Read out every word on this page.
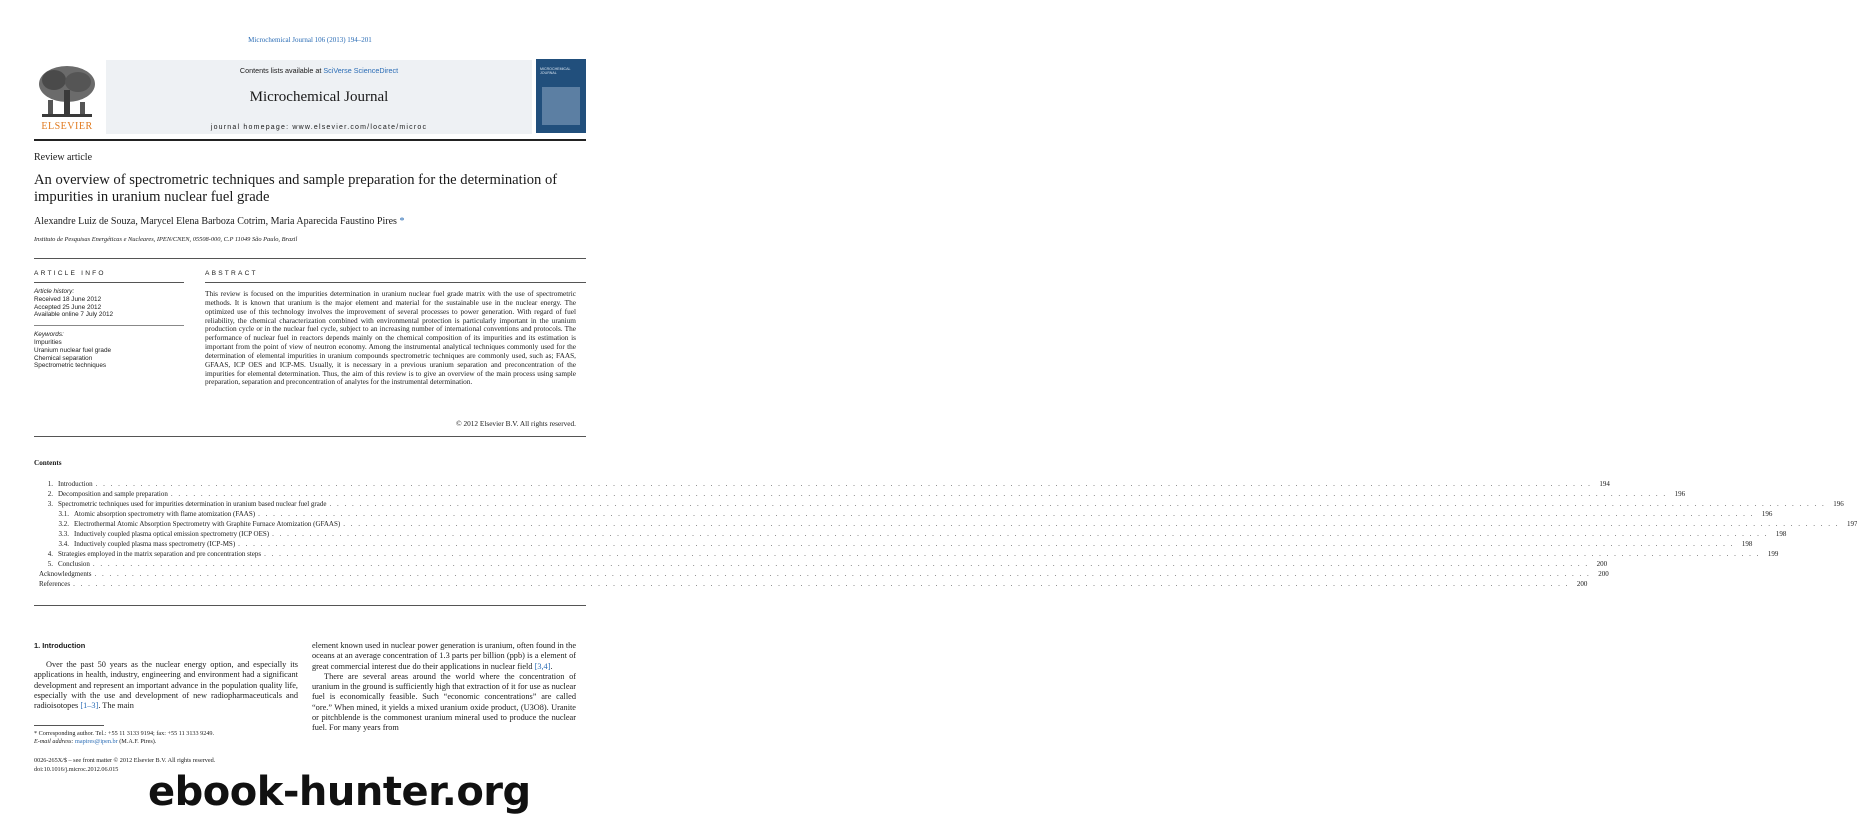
Microchemical Journal 106 (2013) 194–201
ELSEVIER
Contents lists available at SciVerse ScienceDirect
Microchemical Journal
journal homepage: www.elsevier.com/locate/microc
MICROCHEMICAL JOURNAL
Review article
An overview of spectrometric techniques and sample preparation for the determination of impurities in uranium nuclear fuel grade
Alexandre Luiz de Souza, Marycel Elena Barboza Cotrim, Maria Aparecida Faustino Pires *
Instituto de Pesquisas Energéticas e Nucleares, IPEN/CNEN, 05508-000, C.P 11049 São Paulo, Brazil
ARTICLE INFO	ABSTRACT
Article history:
Received 18 June 2012
Accepted 25 June 2012
Available online 7 July 2012
Keywords:
Impurities
Uranium nuclear fuel grade
Chemical separation
Spectrometric techniques
This review is focused on the impurities determination in uranium nuclear fuel grade matrix with the use of spectrometric methods. It is known that uranium is the major element and material for the sustainable use in the nuclear energy. The optimized use of this technology involves the improvement of several processes to power generation. With regard of fuel reliability, the chemical characterization combined with environmental protection is particularly important in the uranium production cycle or in the nuclear fuel cycle, subject to an increasing number of international conventions and protocols. The performance of nuclear fuel in reactors depends mainly on the chemical composition of its impurities and its estimation is important from the point of view of neutron economy. Among the instrumental analytical techniques commonly used for the determination of elemental impurities in uranium compounds spectrometric techniques are commonly used, such as; FAAS, GFAAS, ICP OES and ICP-MS. Usually, it is necessary in a previous uranium separation and preconcentration of the impurities for elemental determination. Thus, the aim of this review is to give an overview of the main process using sample preparation, separation and preconcentration of analytes for the instrumental determination.
© 2012 Elsevier B.V. All rights reserved.
Contents
1. Introduction . . . . . . . . . . . . . . . . . . . . . . . . . . . . . . . . . . . . . . . . . . . . . . . . . . . . . . . . . . . . . . . . . . . . . . . . . . . . . . . . . . . . . . . . . . . . . . . . . . . . . . . . . . . . . . . . . . . . . . . . . . . . . . . . . . . . . . . . . . . . . . . . . . . . . . . . . . . . . . . . . . . . . . . . . . . . . . . . . . . . . . . . . . . . . . . . . . . . . . . .	194
2. Decomposition and sample preparation . . . . . . . . . . . . . . . . . . . . . . . . . . . . . . . . . . . . . . . . . . . . . . . . . . . . . . . . . . . . . . . . . . . . . . . . . . . . . . . . . . . . . . . . . . . . . . . . . . . . . . . . . . . . . . . . . . . . . . . . . . . . . . . . . . . . . . . . . . . . . . . . . . . . . . . . . . . . . . . . . . . . . . . . . . . . . . . . . . . . . . . . . . . . . . . . . . . . . . . .	196
3. Spectrometric techniques used for impurities determination in uranium based nuclear fuel grade . . . . . . . . . . . . . . . . . . . . . . . . . . . . . . . . . . . . . . . . . . . . . . . . . . . . . . . . . . . . . . . . . . . . . . . . . . . . . . . . . . . . . . . . . . . . . . . . . . . . . . . . . . . . . . . . . . . . . . . . . . . . . . . . . . . . . . . . . . . . . . . . . . . . . . . . . . . . . . . . . . . . . . . . . . . . . . . . . . . . . . . . . . . . . . . . . . . . . . . .	196
3.1. Atomic absorption spectrometry with flame atomization (FAAS) . . . . . . . . . . . . . . . . . . . . . . . . . . . . . . . . . . . . . . . . . . . . . . . . . . . . . . . . . . . . . . . . . . . . . . . . . . . . . . . . . . . . . . . . . . . . . . . . . . . . . . . . . . . . . . . . . . . . . . . . . . . . . . . . . . . . . . . . . . . . . . . . . . . . . . . . . . . . . . . . . . . . . . . . . . . . . . . . . . . . . . . . . . . . . . . . . . . . . . . .	196
3.2. Electrothermal Atomic Absorption Spectrometry with Graphite Furnace Atomization (GFAAS) . . . . . . . . . . . . . . . . . . . . . . . . . . . . . . . . . . . . . . . . . . . . . . . . . . . . . . . . . . . . . . . . . . . . . . . . . . . . . . . . . . . . . . . . . . . . . . . . . . . . . . . . . . . . . . . . . . . . . . . . . . . . . . . . . . . . . . . . . . . . . . . . . . . . . . . . . . . . . . . . . . . . . . . . . . . . . . . . . . . . . . . . . . . . . . . . . . . . . . . .	197
3.3. Inductively coupled plasma optical emission spectrometry (ICP OES) . . . . . . . . . . . . . . . . . . . . . . . . . . . . . . . . . . . . . . . . . . . . . . . . . . . . . . . . . . . . . . . . . . . . . . . . . . . . . . . . . . . . . . . . . . . . . . . . . . . . . . . . . . . . . . . . . . . . . . . . . . . . . . . . . . . . . . . . . . . . . . . . . . . . . . . . . . . . . . . . . . . . . . . . . . . . . . . . . . . . . . . . . . . . . . . . . . . . . . . .	198
3.4. Inductively coupled plasma mass spectrometry (ICP-MS) . . . . . . . . . . . . . . . . . . . . . . . . . . . . . . . . . . . . . . . . . . . . . . . . . . . . . . . . . . . . . . . . . . . . . . . . . . . . . . . . . . . . . . . . . . . . . . . . . . . . . . . . . . . . . . . . . . . . . . . . . . . . . . . . . . . . . . . . . . . . . . . . . . . . . . . . . . . . . . . . . . . . . . . . . . . . . . . . . . . . . . . . . . . . . . . . . . . . . . . .	198
4. Strategies employed in the matrix separation and pre concentration steps . . . . . . . . . . . . . . . . . . . . . . . . . . . . . . . . . . . . . . . . . . . . . . . . . . . . . . . . . . . . . . . . . . . . . . . . . . . . . . . . . . . . . . . . . . . . . . . . . . . . . . . . . . . . . . . . . . . . . . . . . . . . . . . . . . . . . . . . . . . . . . . . . . . . . . . . . . . . . . . . . . . . . . . . . . . . . . . . . . . . . . . . . . . . . . . . . . . . . . . .	199
5. Conclusion . . . . . . . . . . . . . . . . . . . . . . . . . . . . . . . . . . . . . . . . . . . . . . . . . . . . . . . . . . . . . . . . . . . . . . . . . . . . . . . . . . . . . . . . . . . . . . . . . . . . . . . . . . . . . . . . . . . . . . . . . . . . . . . . . . . . . . . . . . . . . . . . . . . . . . . . . . . . . . . . . . . . . . . . . . . . . . . . . . . . . . . . . . . . . . . . . . . . . . . .	200
Acknowledgments . . . . . . . . . . . . . . . . . . . . . . . . . . . . . . . . . . . . . . . . . . . . . . . . . . . . . . . . . . . . . . . . . . . . . . . . . . . . . . . . . . . . . . . . . . . . . . . . . . . . . . . . . . . . . . . . . . . . . . . . . . . . . . . . . . . . . . . . . . . . . . . . . . . . . . . . . . . . . . . . . . . . . . . . . . . . . . . . . . . . . . . . . . . . . . . . . . . . . . . .	200
References . . . . . . . . . . . . . . . . . . . . . . . . . . . . . . . . . . . . . . . . . . . . . . . . . . . . . . . . . . . . . . . . . . . . . . . . . . . . . . . . . . . . . . . . . . . . . . . . . . . . . . . . . . . . . . . . . . . . . . . . . . . . . . . . . . . . . . . . . . . . . . . . . . . . . . . . . . . . . . . . . . . . . . . . . . . . . . . . . . . . . . . . . . . . . . . . . . . . . . . .	200
1. Introduction

Over the past 50 years as the nuclear energy option, and especially its applications in health, industry, engineering and environment had a significant development and represent an important advance in the population quality life, especially with the use and development of new radiopharmaceuticals and radioisotopes [1–3]. The main

element known used in nuclear power generation is uranium, often found in the oceans at an average concentration of 1.3 parts per billion (ppb) is a element of great commercial interest due do their applications in nuclear field [3,4].

There are several areas around the world where the concentration of uranium in the ground is sufficiently high that extraction of it for use as nuclear fuel is economically feasible. Such “economic concentrations” are called “ore.” When mined, it yields a mixed uranium oxide product, (U3O8). Uranite or pitchblende is the commonest uranium mineral used to produce the nuclear fuel. For many years from

* Corresponding author. Tel.: +55 11 3133 9194; fax: +55 11 3133 9249.
E-mail address: mapires@ipen.br (M.A.F. Pires).
0026-265X/$ – see front matter © 2012 Elsevier B.V. All rights reserved.
doi:10.1016/j.microc.2012.06.015 ebook-hunter.org
